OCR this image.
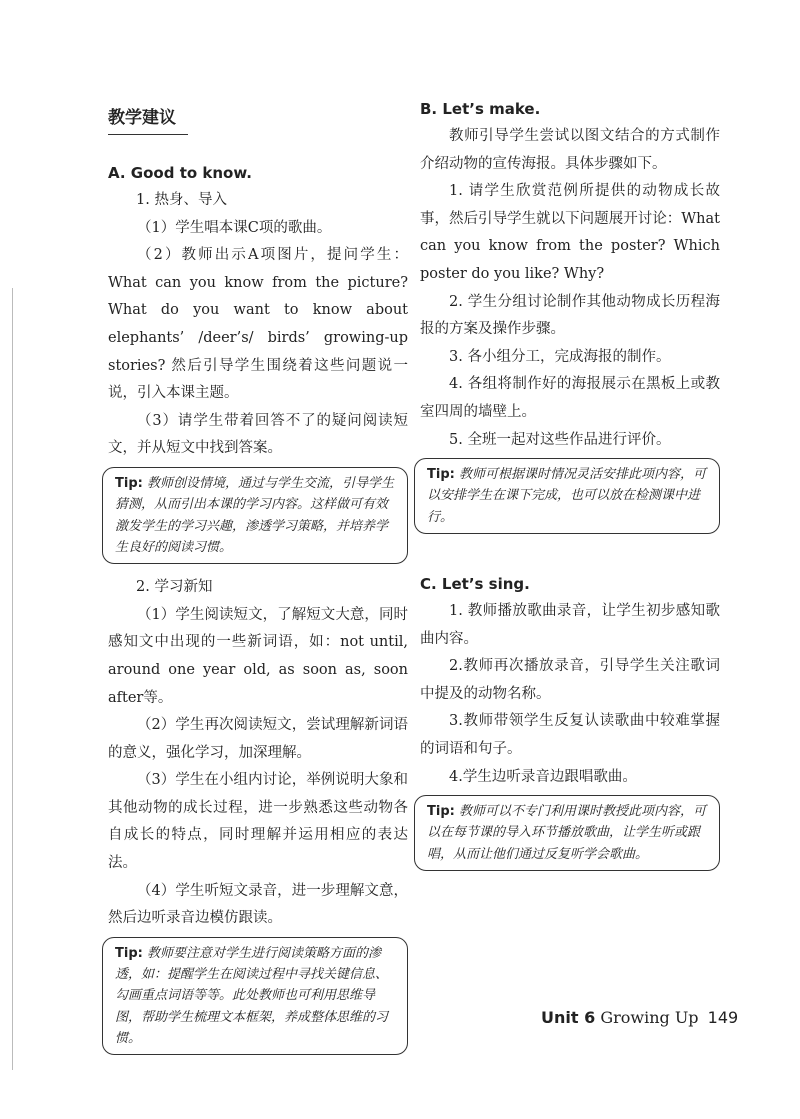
教学建议

A. Good to know.

1. 热身、导入

（1）学生唱本课C项的歌曲。

（2）教师出示A项图片，提问学生：What can you know from the picture? What do you want to know about elephants’ /deer’s/ birds’ growing-up stories? 然后引导学生围绕着这些问题说一说，引入本课主题。

（3）请学生带着回答不了的疑问阅读短文，并从短文中找到答案。

Tip: 教师创设情境，通过与学生交流，引导学生猜测，从而引出本课的学习内容。这样做可有效激发学生的学习兴趣，渗透学习策略，并培养学生良好的阅读习惯。

2. 学习新知

（1）学生阅读短文，了解短文大意，同时感知文中出现的一些新词语，如：not until, around one year old, as soon as, soon after等。

（2）学生再次阅读短文，尝试理解新词语的意义，强化学习，加深理解。

（3）学生在小组内讨论，举例说明大象和其他动物的成长过程，进一步熟悉这些动物各自成长的特点，同时理解并运用相应的表达法。

（4）学生听短文录音，进一步理解文意，然后边听录音边模仿跟读。

Tip: 教师要注意对学生进行阅读策略方面的渗透，如：提醒学生在阅读过程中寻找关键信息、勾画重点词语等等。此处教师也可利用思维导图，帮助学生梳理文本框架，养成整体思维的习惯。

B. Let’s make.

教师引导学生尝试以图文结合的方式制作介绍动物的宣传海报。具体步骤如下。

1. 请学生欣赏范例所提供的动物成长故事，然后引导学生就以下问题展开讨论：What can you know from the poster? Which poster do you like? Why?

2. 学生分组讨论制作其他动物成长历程海报的方案及操作步骤。

3. 各小组分工，完成海报的制作。

4. 各组将制作好的海报展示在黑板上或教室四周的墙壁上。

5. 全班一起对这些作品进行评价。

Tip: 教师可根据课时情况灵活安排此项内容，可以安排学生在课下完成，也可以放在检测课中进行。

C. Let’s sing.

1. 教师播放歌曲录音，让学生初步感知歌曲内容。

2.教师再次播放录音，引导学生关注歌词中提及的动物名称。

3.教师带领学生反复认读歌曲中较难掌握的词语和句子。

4.学生边听录音边跟唱歌曲。

Tip: 教师可以不专门利用课时教授此项内容，可以在每节课的导入环节播放歌曲，让学生听或跟唱，从而让他们通过反复听学会歌曲。
Unit 6 Growing Up 149
